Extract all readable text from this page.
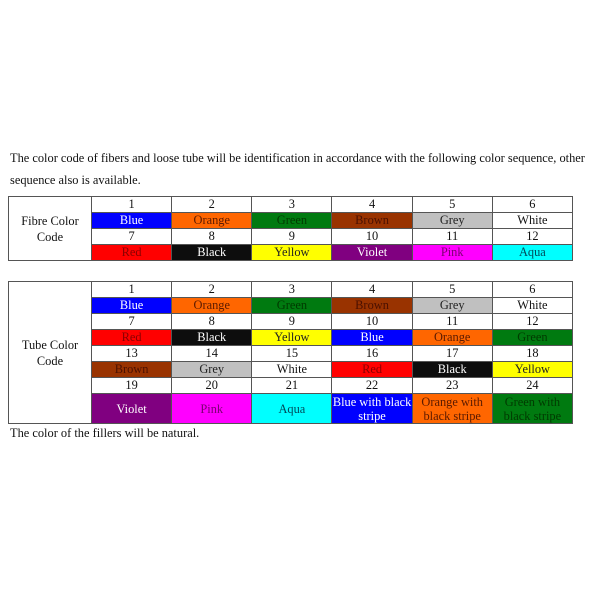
The color code of fibers and loose tube will be identification in accordance with the following color sequence, other sequence also is available.

Fibre Color Code	1	2	3	4	5	6
	Blue	Orange	Green	Brown	Grey	White
	7	8	9	10	11	12
	Red	Black	Yellow	Violet	Pink	Aqua
Tube Color Code	1	2	3	4	5	6
	Blue	Orange	Green	Brown	Grey	White
	7	8	9	10	11	12
	Red	Black	Yellow	Blue	Orange	Green
	13	14	15	16	17	18
	Brown	Grey	White	Red	Black	Yellow
	19	20	21	22	23	24
	Violet	Pink	Aqua	Blue with black stripe	Orange with black stripe	Green with black stripe

The color of the fillers will be natural.
